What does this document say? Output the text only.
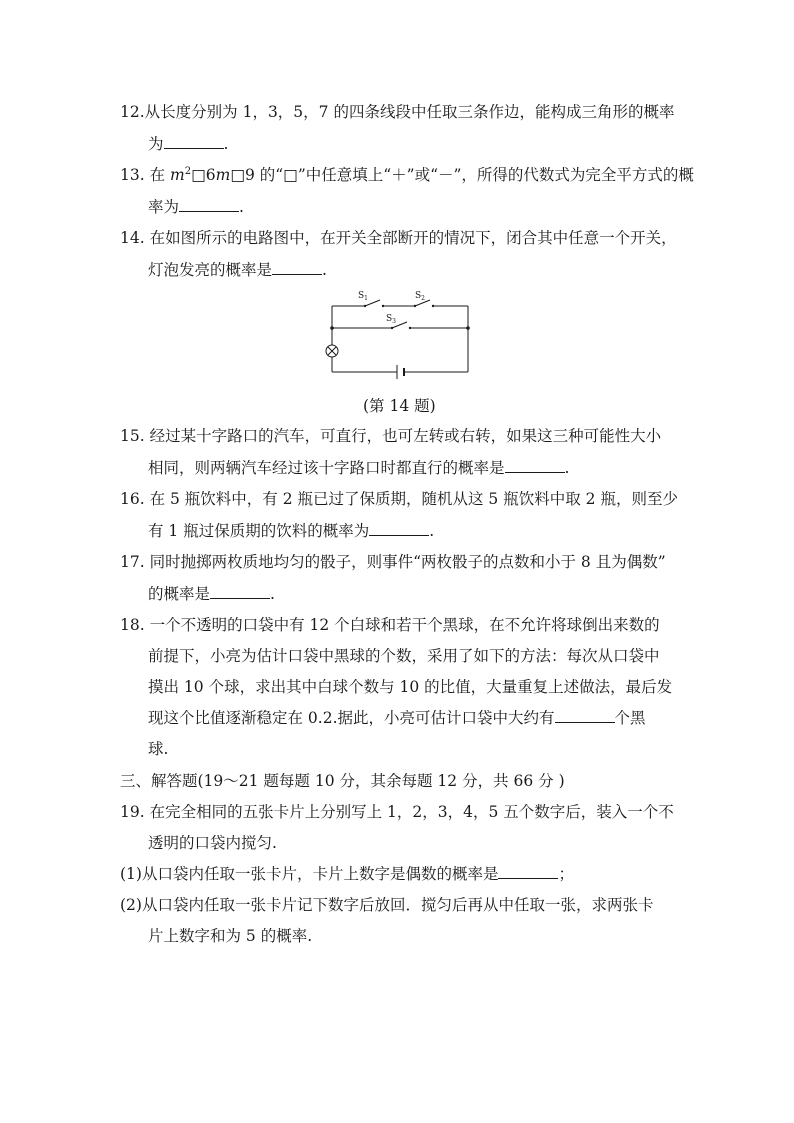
12.从长度分别为 1，3，5，7 的四条线段中任取三条作边，能构成三角形的概率
为	.
13. 在 $m^2□6m□9$ 的“□”中任意填上“＋”或“－”，所得的代数式为完全平方式的概
率为	.
14. 在如图所示的电路图中，在开关全部断开的情况下，闭合其中任意一个开关，
灯泡发亮的概率是	.
$S_1$	$S_2$
$S_3$
(第 14 题)
15. 经过某十字路口的汽车，可直行，也可左转或右转，如果这三种可能性大小
相同，则两辆汽车经过该十字路口时都直行的概率是	.
16. 在 5 瓶饮料中，有 2 瓶已过了保质期，随机从这 5 瓶饮料中取 2 瓶，则至少
有 1 瓶过保质期的饮料的概率为	.
17. 同时抛掷两枚质地均匀的骰子，则事件“两枚骰子的点数和小于 8 且为偶数”
的概率是	.
18. 一个不透明的口袋中有 12 个白球和若干个黑球，在不允许将球倒出来数的
前提下，小亮为估计口袋中黑球的个数，采用了如下的方法：每次从口袋中
摸出 10 个球，求出其中白球个数与 10 的比值，大量重复上述做法，最后发
现这个比值逐渐稳定在 0.2.据此，小亮可估计口袋中大约有	个黑
球.
三、解答题(19～21 题每题 10 分，其余每题 12 分，共 66 分 )
19. 在完全相同的五张卡片上分别写上 1，2，3，4，5 五个数字后，装入一个不
透明的口袋内搅匀.
(1)从口袋内任取一张卡片，卡片上数字是偶数的概率是	；
(2)从口袋内任取一张卡片记下数字后放回．搅匀后再从中任取一张，求两张卡
片上数字和为 5 的概率.
